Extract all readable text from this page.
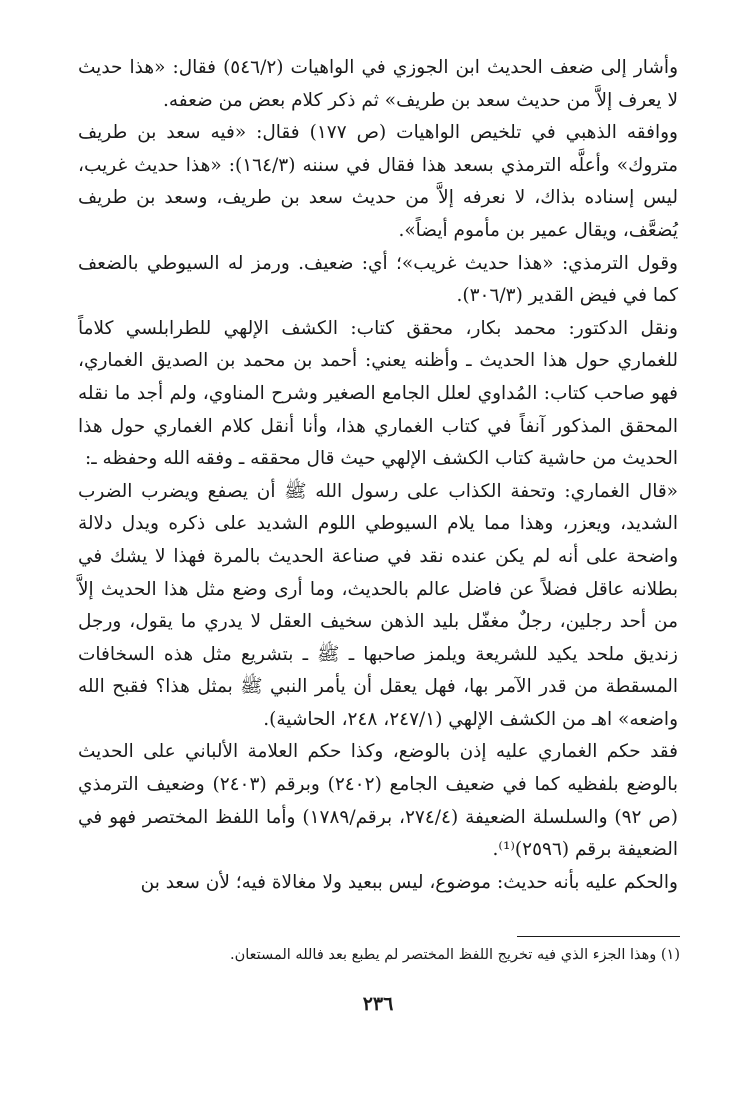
وأشار إلى ضعف الحديث ابن الجوزي في الواهيات (٥٤٦/٢) فقال: «هذا حديث لا يعرف إلاَّ من حديث سعد بن طريف» ثم ذكر كلام بعض من ضعفه.

ووافقه الذهبي في تلخيص الواهيات (ص ١٧٧) فقال: «فيه سعد بن طريف متروك» وأعلَّه الترمذي بسعد هذا فقال في سننه (١٦٤/٣): «هذا حديث غريب، ليس إسناده بذاك، لا نعرفه إلاَّ من حديث سعد بن طريف، وسعد بن طريف يُضعَّف، ويقال عمير بن مأموم أيضاً».

وقول الترمذي: «هذا حديث غريب»؛ أي: ضعيف. ورمز له السيوطي بالضعف كما في فيض القدير (٣٠٦/٣).

ونقل الدكتور: محمد بكار، محقق كتاب: الكشف الإلهي للطرابلسي كلاماً للغماري حول هذا الحديث ـ وأظنه يعني: أحمد بن محمد بن الصديق الغماري، فهو صاحب كتاب: المُداوي لعلل الجامع الصغير وشرح المناوي، ولم أجد ما نقله المحقق المذكور آنفاً في كتاب الغماري هذا، وأنا أنقل كلام الغماري حول هذا الحديث من حاشية كتاب الكشف الإلهي حيث قال محققه ـ وفقه الله وحفظه ـ:

«قال الغماري: وتحفة الكذاب على رسول الله ﷺ أن يصفع ويضرب الضرب الشديد، ويعزر، وهذا مما يلام السيوطي اللوم الشديد على ذكره ويدل دلالة واضحة على أنه لم يكن عنده نقد في صناعة الحديث بالمرة فهذا لا يشك في بطلانه عاقل فضلاً عن فاضل عالم بالحديث، وما أرى وضع مثل هذا الحديث إلاَّ من أحد رجلين، رجلٌ مغفّل بليد الذهن سخيف العقل لا يدري ما يقول، ورجل زنديق ملحد يكيد للشريعة ويلمز صاحبها ـ ﷺ ـ بتشريع مثل هذه السخافات المسقطة من قدر الآمر بها، فهل يعقل أن يأمر النبي ﷺ بمثل هذا؟ فقبح الله واضعه» اهـ من الكشف الإلهي (٢٤٧/١، ٢٤٨، الحاشية).

فقد حكم الغماري عليه إذن بالوضع، وكذا حكم العلامة الألباني على الحديث بالوضع بلفظيه كما في ضعيف الجامع (٢٤٠٢) وبرقم (٢٤٠٣) وضعيف الترمذي (ص ٩٢) والسلسلة الضعيفة (٢٧٤/٤، برقم/١٧٨٩) وأما اللفظ المختصر فهو في الضعيفة برقم (٢٥٩٦)⁽¹⁾.

والحكم عليه بأنه حديث: موضوع، ليس ببعيد ولا مغالاة فيه؛ لأن سعد بن

(١) وهذا الجزء الذي فيه تخريج اللفظ المختصر لم يطبع بعد فالله المستعان.

٢٣٦
